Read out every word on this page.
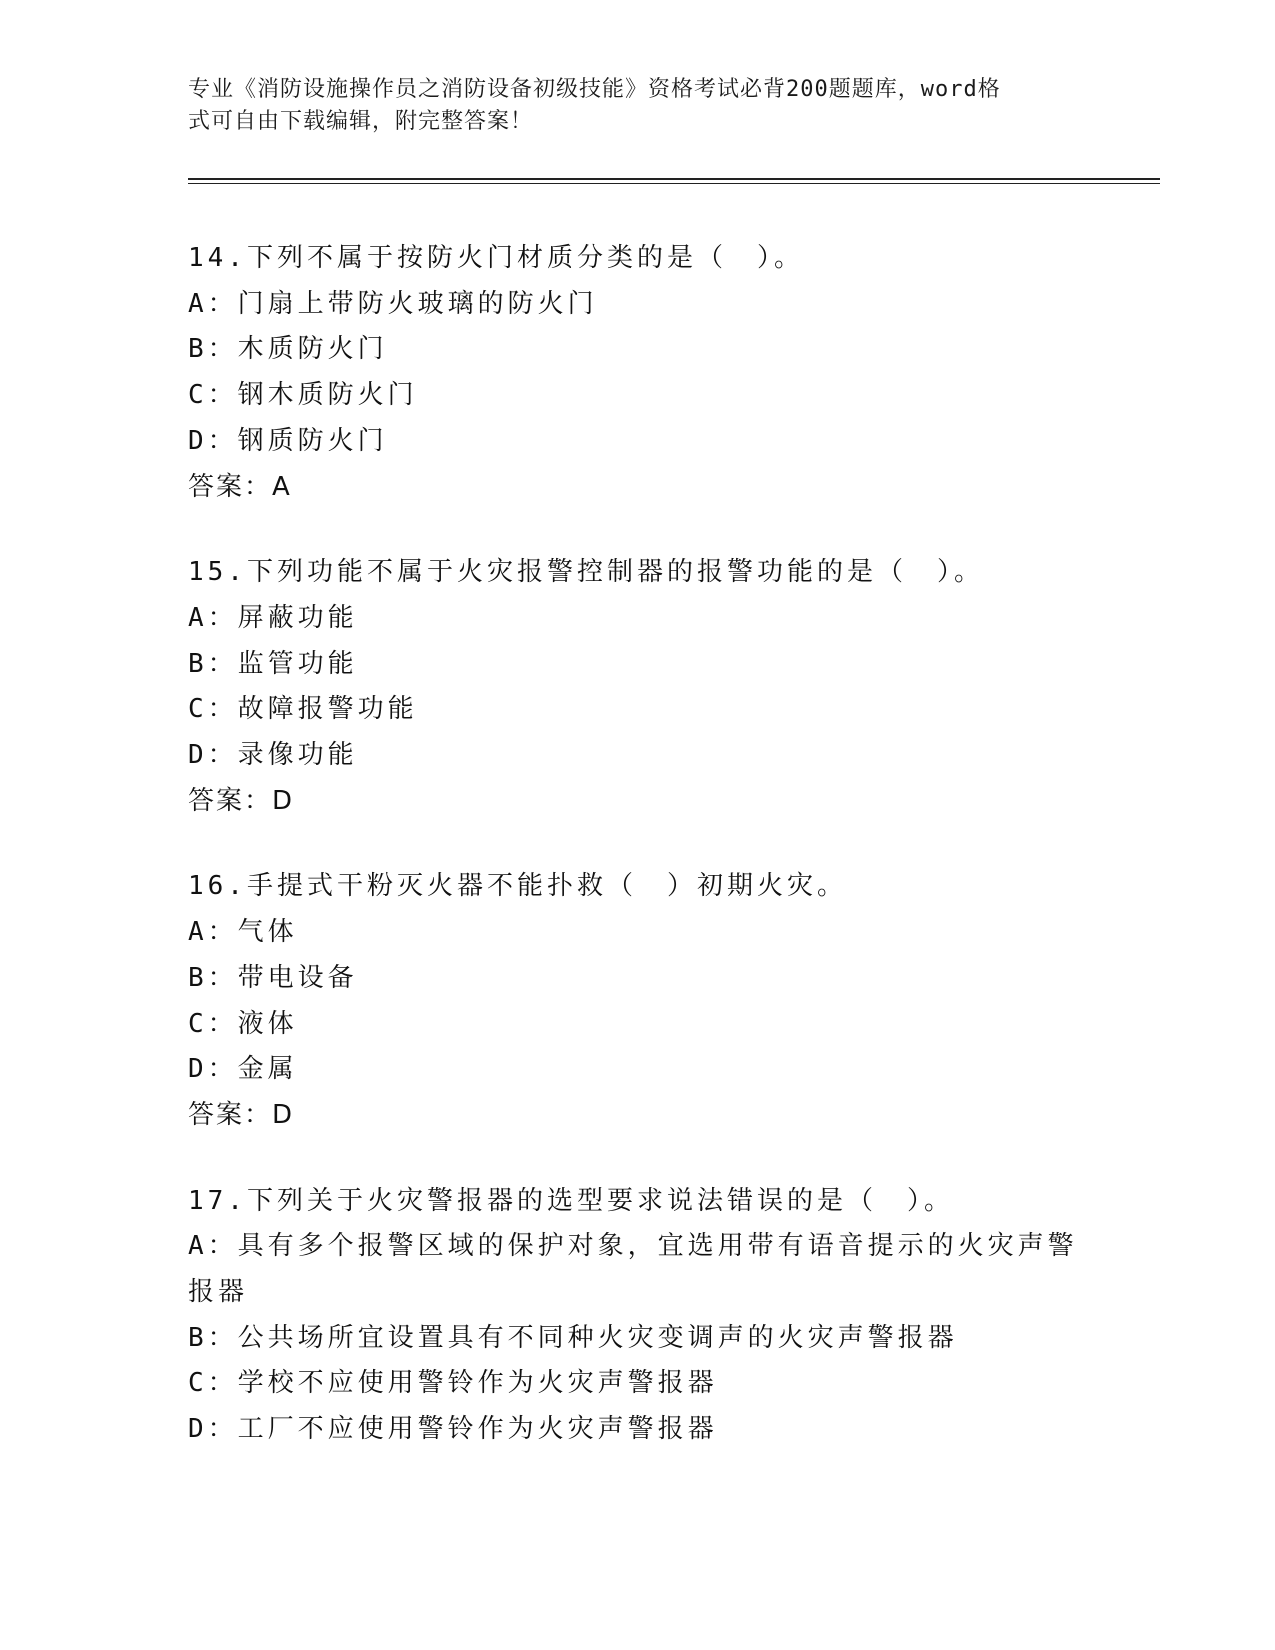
专业《消防设施操作员之消防设备初级技能》资格考试必背200题题库，word格
式可自由下载编辑，附完整答案！
14.下列不属于按防火门材质分类的是（　）。
A：门扇上带防火玻璃的防火门
B：木质防火门
C：钢木质防火门
D：钢质防火门
答案：A
15.下列功能不属于火灾报警控制器的报警功能的是（　）。
A：屏蔽功能
B：监管功能
C：故障报警功能
D：录像功能
答案：D
16.手提式干粉灭火器不能扑救（　）初期火灾。
A：气体
B：带电设备
C：液体
D：金属
答案：D
17.下列关于火灾警报器的选型要求说法错误的是（　）。
A：具有多个报警区域的保护对象，宜选用带有语音提示的火灾声警报器
B：公共场所宜设置具有不同种火灾变调声的火灾声警报器
C：学校不应使用警铃作为火灾声警报器
D：工厂不应使用警铃作为火灾声警报器
